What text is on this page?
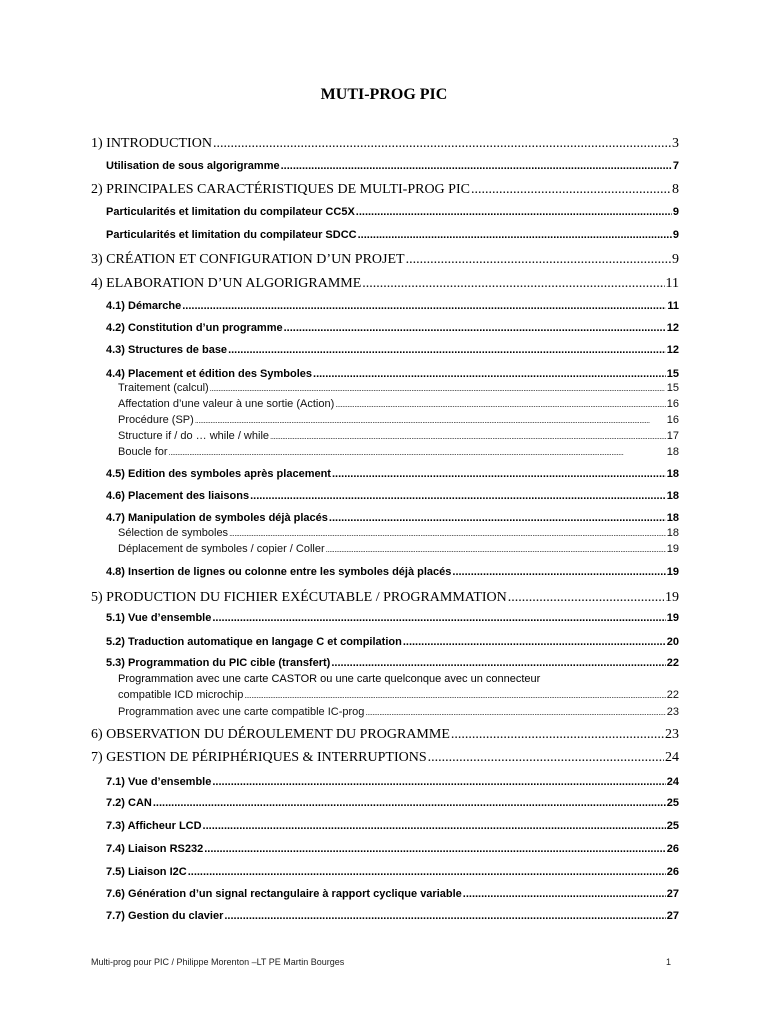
MUTI-PROG PIC
1) INTRODUCTION .....	3
Utilisation de sous algorigramme .....	7
2) PRINCIPALES CARACTÉRISTIQUES DE MULTI-PROG PIC .....	8
Particularités et limitation du compilateur CC5X .....	9
Particularités et limitation du compilateur SDCC .....	9
3) CRÉATION ET CONFIGURATION D’UN PROJET .....	9
4) ELABORATION D’UN ALGORIGRAMME .....	11
4.1) Démarche .....	11
4.2) Constitution d’un programme .....	12
4.3) Structures de base .....	12
4.4) Placement et édition des Symboles .....	15
Traitement (calcul) .....	15
Affectation d’une valeur à une sortie (Action) .....	16
Procédure (SP) .....	16
Structure if / do … while / while .....	17
Boucle for .....	18
4.5) Edition des symboles après placement .....	18
4.6) Placement des liaisons .....	18
4.7) Manipulation de symboles déjà placés .....	18
Sélection de symboles .....	18
Déplacement de symboles / copier / Coller .....	19
4.8) Insertion de lignes ou colonne entre les symboles déjà placés .....	19
5) PRODUCTION DU FICHIER EXÉCUTABLE / PROGRAMMATION .....	19
5.1) Vue d’ensemble .....	19
5.2) Traduction automatique en langage C et compilation .....	20
5.3) Programmation du PIC cible (transfert) .....	22
Programmation avec une carte CASTOR ou une carte quelconque avec un connecteur
compatible ICD microchip .....	22
Programmation avec une carte compatible IC-prog .....	23
6) OBSERVATION DU DÉROULEMENT DU PROGRAMME .....	23
7) GESTION DE PÉRIPHÉRIQUES & INTERRUPTIONS .....	24
7.1) Vue d’ensemble .....	24
7.2) CAN .....	25
7.3) Afficheur LCD .....	25
7.4) Liaison RS232 .....	26
7.5) Liaison I2C .....	26
7.6) Génération d’un signal rectangulaire à rapport cyclique variable .....	27
7.7) Gestion du clavier .....	27
Multi-prog pour PIC / Philippe Morenton –LT PE Martin Bourges	1
